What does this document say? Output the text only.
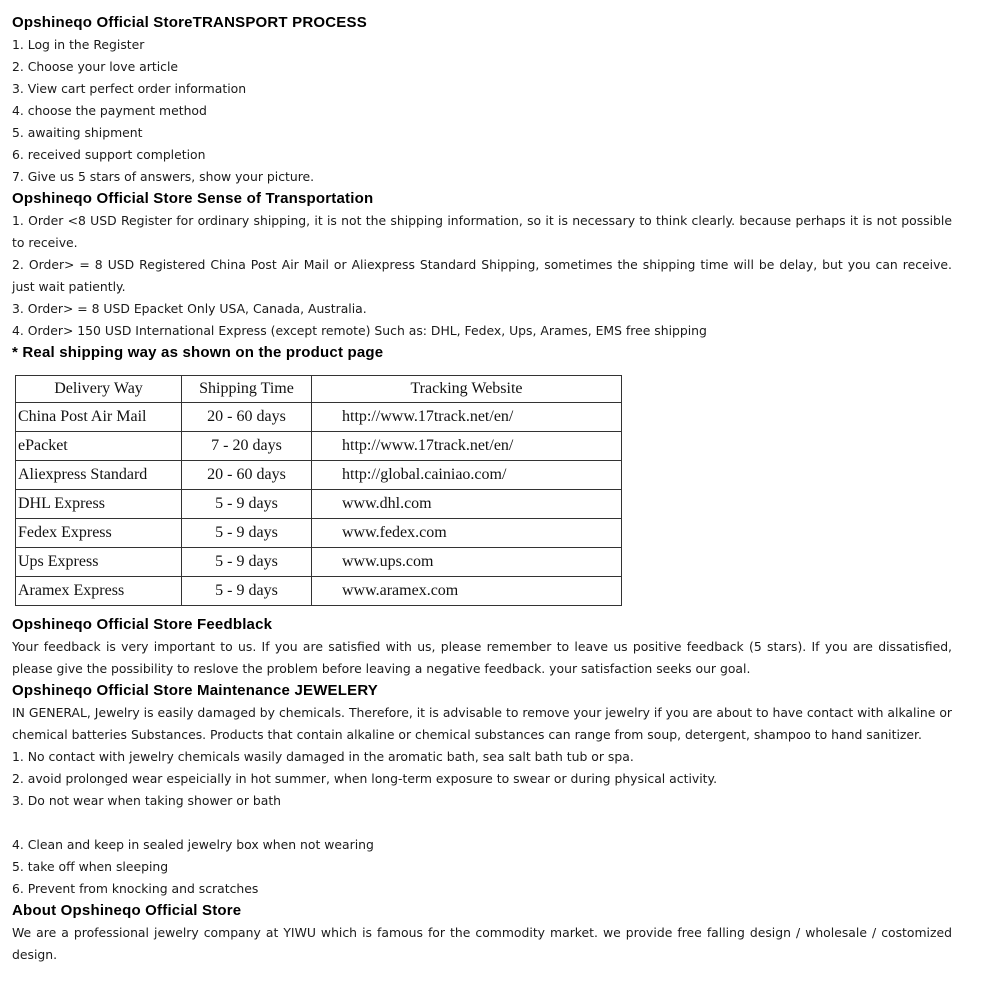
Opshineqo Official StoreTRANSPORT PROCESS
1. Log in the Register
2. Choose your love article
3. View cart perfect order information
4. choose the payment method
5. awaiting shipment
6. received support completion
7. Give us 5 stars of answers, show your picture.
Opshineqo Official Store Sense of Transportation
1. Order <8 USD Register for ordinary shipping, it is not the shipping information, so it is necessary to think clearly. because perhaps it is not possible to receive.
2. Order> = 8 USD Registered China Post Air Mail or Aliexpress Standard Shipping, sometimes the shipping time will be delay, but you can receive. just wait patiently.
3. Order> = 8 USD Epacket Only USA, Canada, Australia.
4. Order> 150 USD International Express (except remote) Such as: DHL, Fedex, Ups, Arames, EMS free shipping
* Real shipping way as shown on the product page
Delivery Way	Shipping Time	Tracking Website
China Post Air Mail	20 - 60 days	http://www.17track.net/en/
ePacket	7 - 20 days	http://www.17track.net/en/
Aliexpress Standard	20 - 60 days	http://global.cainiao.com/
DHL Express	5 - 9 days	www.dhl.com
Fedex Express	5 - 9 days	www.fedex.com
Ups Express	5 - 9 days	www.ups.com
Aramex Express	5 - 9 days	www.aramex.com
Opshineqo Official Store Feedblack
Your feedback is very important to us. If you are satisfied with us, please remember to leave us positive feedback (5 stars). If you are dissatisfied, please give the possibility to reslove the problem before leaving a negative feedback. your satisfaction seeks our goal.
Opshineqo Official Store Maintenance JEWELERY
IN GENERAL, Jewelry is easily damaged by chemicals. Therefore, it is advisable to remove your jewelry if you are about to have contact with alkaline or chemical batteries Substances. Products that contain alkaline or chemical substances can range from soup, detergent, shampoo to hand sanitizer.
1. No contact with jewelry chemicals wasily damaged in the aromatic bath, sea salt bath tub or spa.
2. avoid prolonged wear espeicially in hot summer, when long-term exposure to swear or during physical activity.
3. Do not wear when taking shower or bath
4. Clean and keep in sealed jewelry box when not wearing
5. take off when sleeping
6. Prevent from knocking and scratches
About Opshineqo Official Store
We are a professional jewelry company at YIWU which is famous for the commodity market. we provide free falling design / wholesale / costomized design.
